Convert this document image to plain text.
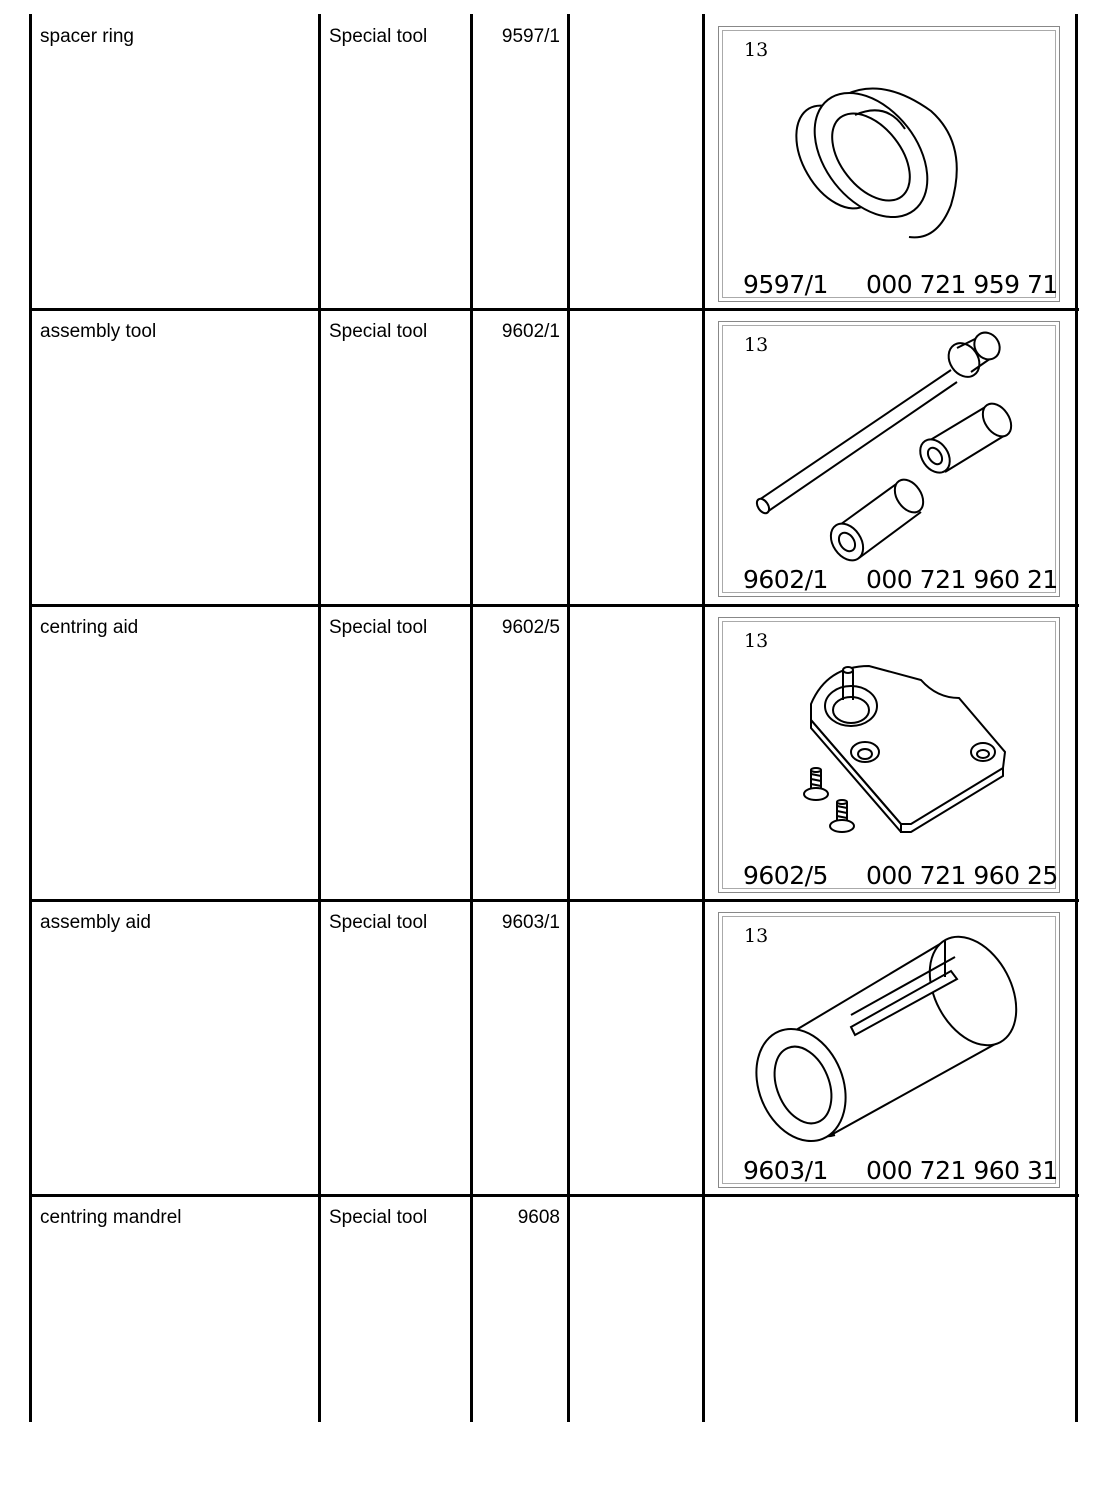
spacer ring	Special tool	9597/1
13
9597/1 000 721 959 71
assembly tool	Special tool	9602/1
13
9602/1 000 721 960 21
centring aid	Special tool	9602/5
13
9602/5 000 721 960 25
assembly aid	Special tool	9603/1
13
9603/1 000 721 960 31
centring mandrel	Special tool	9608
